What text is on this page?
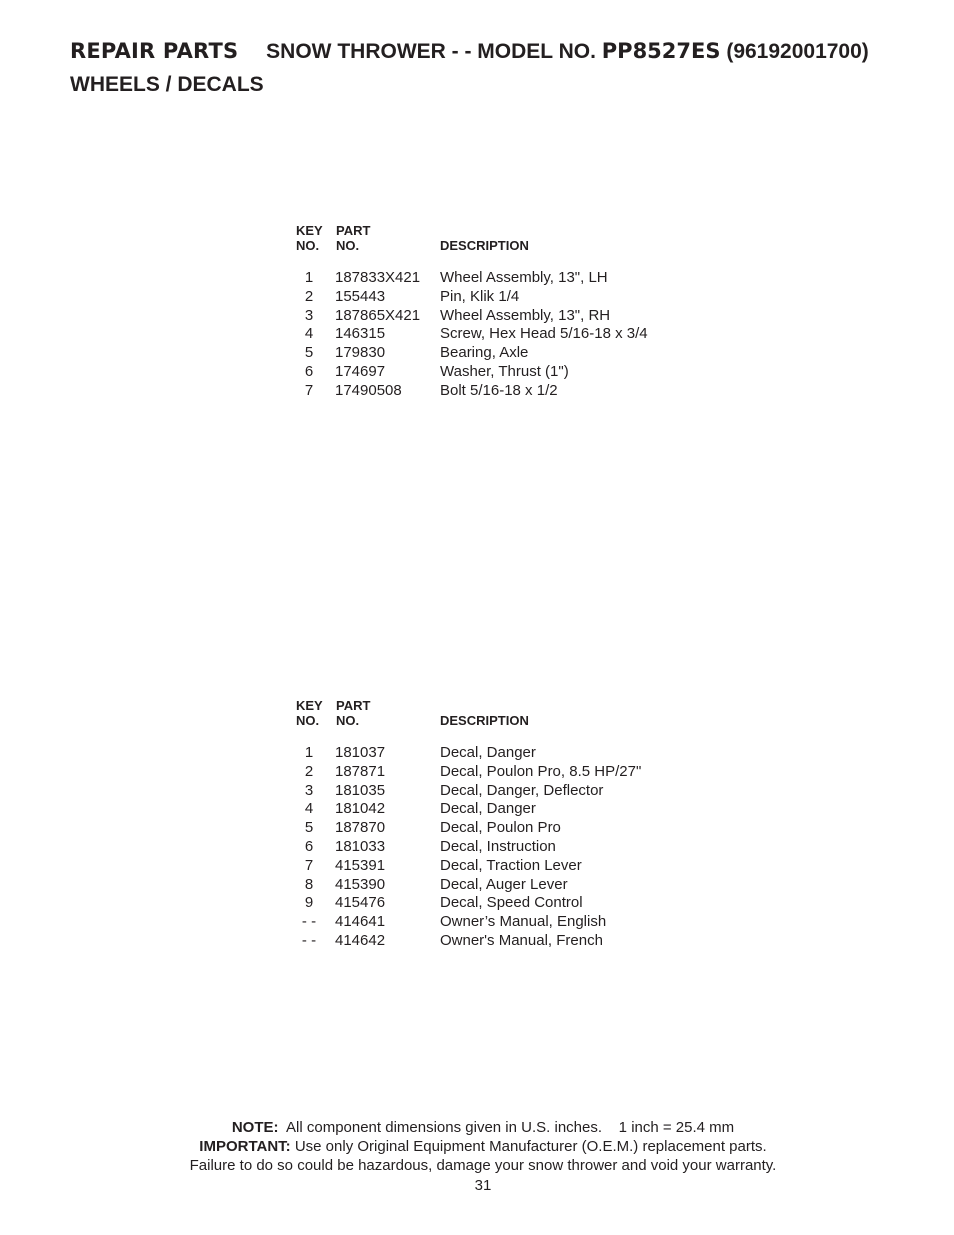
REPAIR PARTS SNOW THROWER - - MODEL NO. PP8527ES (96192001700)
WHEELS / DECALS
KEY	PART
NO.	NO.	DESCRIPTION
1	187833X421	Wheel Assembly, 13", LH
2	155443	Pin, Klik 1/4
3	187865X421	Wheel Assembly, 13", RH
4	146315	Screw, Hex Head 5/16-18 x 3/4
5	179830	Bearing, Axle
6	174697	Washer, Thrust (1")
7	17490508	Bolt 5/16-18 x 1/2
KEY	PART
NO.	NO.	DESCRIPTION
1	181037	Decal, Danger
2	187871	Decal, Poulon Pro, 8.5 HP/27"
3	181035	Decal, Danger, Deflector
4	181042	Decal, Danger
5	187870	Decal, Poulon Pro
6	181033	Decal, Instruction
7	415391	Decal, Traction Lever
8	415390	Decal, Auger Lever
9	415476	Decal, Speed Control
- -	414641	Owner’s Manual, English
- -	414642	Owner's Manual, French
NOTE: All component dimensions given in U.S. inches.    1 inch = 25.4 mm
IMPORTANT: Use only Original Equipment Manufacturer (O.E.M.) replacement parts.
Failure to do so could be hazardous, damage your snow thrower and void your warranty.
31
